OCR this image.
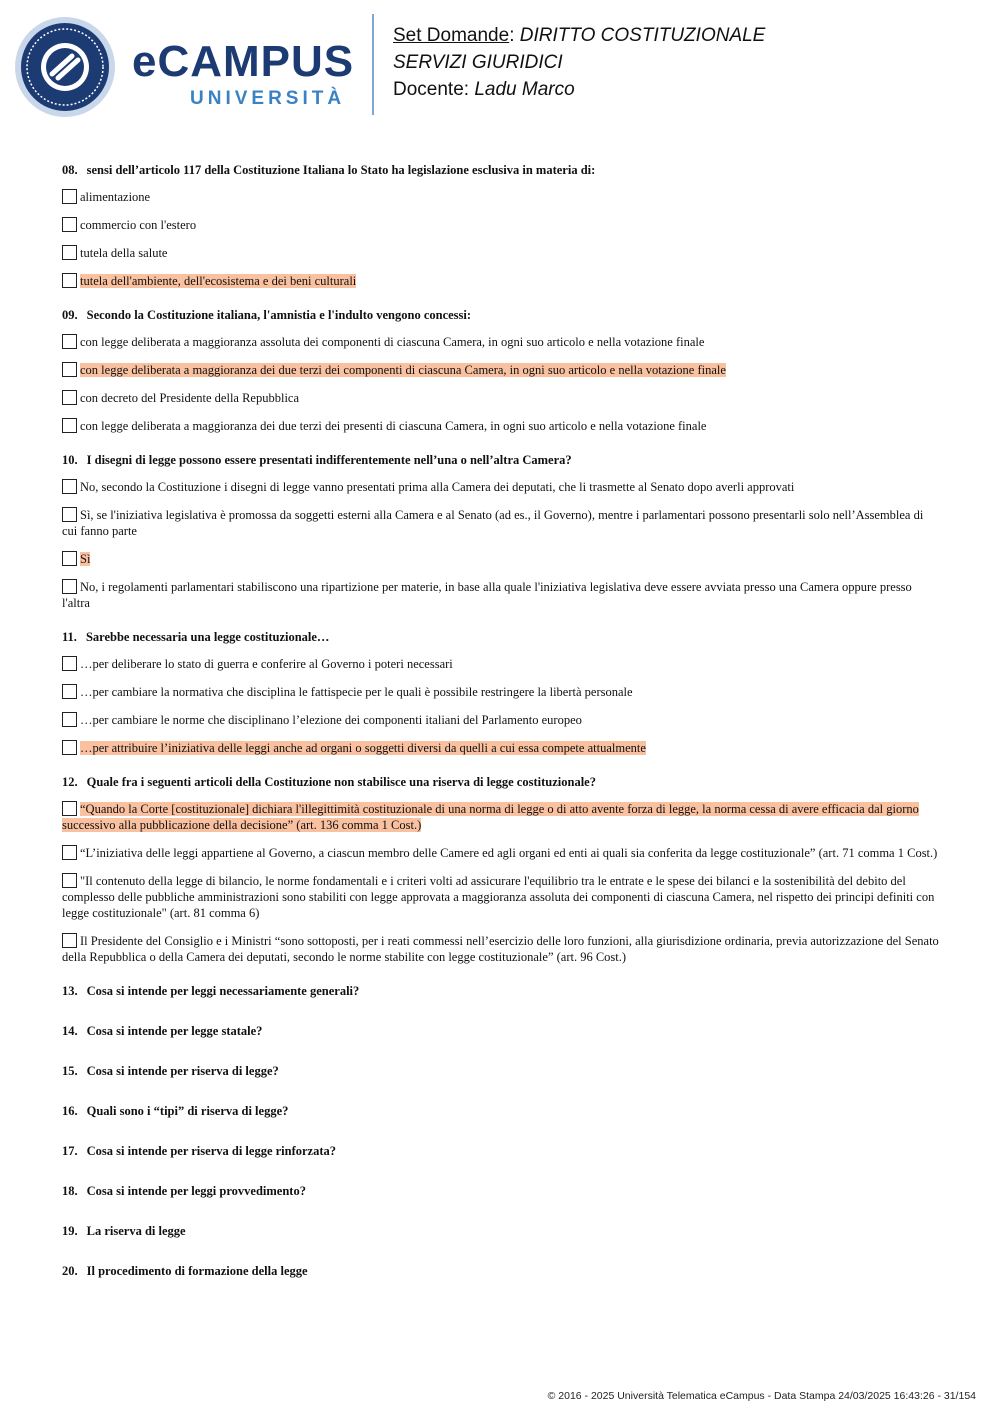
eCAMPUS
UNIVERSITÀ
Set Domande: DIRITTO COSTITUZIONALE
SERVIZI GIURIDICI
Docente: Ladu Marco
08. sensi dell’articolo 117 della Costituzione Italiana lo Stato ha legislazione esclusiva in materia di:
alimentazione
commercio con l'estero
tutela della salute
tutela dell'ambiente, dell'ecosistema e dei beni culturali
09. Secondo la Costituzione italiana, l'amnistia e l'indulto vengono concessi:
con legge deliberata a maggioranza assoluta dei componenti di ciascuna Camera, in ogni suo articolo e nella votazione finale
con legge deliberata a maggioranza dei due terzi dei componenti di ciascuna Camera, in ogni suo articolo e nella votazione finale
con decreto del Presidente della Repubblica
con legge deliberata a maggioranza dei due terzi dei presenti di ciascuna Camera, in ogni suo articolo e nella votazione finale
10. I disegni di legge possono essere presentati indifferentemente nell’una o nell’altra Camera?
No, secondo la Costituzione i disegni di legge vanno presentati prima alla Camera dei deputati, che li trasmette al Senato dopo averli approvati
Sì, se l'iniziativa legislativa è promossa da soggetti esterni alla Camera e al Senato (ad es., il Governo), mentre i parlamentari possono presentarli solo nell’Assemblea di cui fanno parte
Sì
No, i regolamenti parlamentari stabiliscono una ripartizione per materie, in base alla quale l'iniziativa legislativa deve essere avviata presso una Camera oppure presso l'altra
11. Sarebbe necessaria una legge costituzionale…
…per deliberare lo stato di guerra e conferire al Governo i poteri necessari
…per cambiare la normativa che disciplina le fattispecie per le quali è possibile restringere la libertà personale
…per cambiare le norme che disciplinano l’elezione dei componenti italiani del Parlamento europeo
…per attribuire l’iniziativa delle leggi anche ad organi o soggetti diversi da quelli a cui essa compete attualmente
12. Quale fra i seguenti articoli della Costituzione non stabilisce una riserva di legge costituzionale?
“Quando la Corte [costituzionale] dichiara l'illegittimità costituzionale di una norma di legge o di atto avente forza di legge, la norma cessa di avere efficacia dal giorno successivo alla pubblicazione della decisione” (art. 136 comma 1 Cost.)
“L’iniziativa delle leggi appartiene al Governo, a ciascun membro delle Camere ed agli organi ed enti ai quali sia conferita da legge costituzionale” (art. 71 comma 1 Cost.)
"Il contenuto della legge di bilancio, le norme fondamentali e i criteri volti ad assicurare l'equilibrio tra le entrate e le spese dei bilanci e la sostenibilità del debito del complesso delle pubbliche amministrazioni sono stabiliti con legge approvata a maggioranza assoluta dei componenti di ciascuna Camera, nel rispetto dei principi definiti con legge costituzionale" (art. 81 comma 6)
Il Presidente del Consiglio e i Ministri “sono sottoposti, per i reati commessi nell’esercizio delle loro funzioni, alla giurisdizione ordinaria, previa autorizzazione del Senato della Repubblica o della Camera dei deputati, secondo le norme stabilite con legge costituzionale” (art. 96 Cost.)
13. Cosa si intende per leggi necessariamente generali?
14. Cosa si intende per legge statale?
15. Cosa si intende per riserva di legge?
16. Quali sono i “tipi” di riserva di legge?
17. Cosa si intende per riserva di legge rinforzata?
18. Cosa si intende per leggi provvedimento?
19. La riserva di legge
20. Il procedimento di formazione della legge
© 2016 - 2025 Università Telematica eCampus - Data Stampa 24/03/2025 16:43:26 - 31/154
